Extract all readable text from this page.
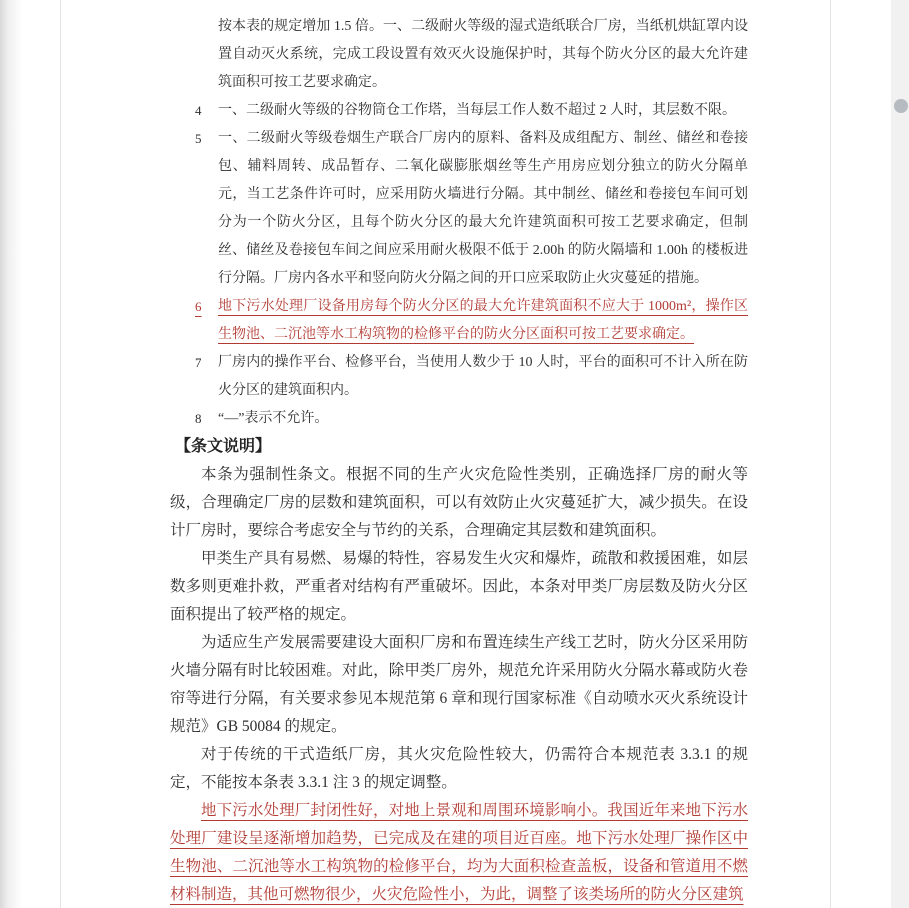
按本表的规定增加 1.5 倍。一、二级耐火等级的湿式造纸联合厂房，当纸机烘缸罩内设置自动灭火系统，完成工段设置有效灭火设施保护时，其每个防火分区的最大允许建筑面积可按工艺要求确定。
4	一、二级耐火等级的谷物筒仓工作塔，当每层工作人数不超过 2 人时，其层数不限。
5	一、二级耐火等级卷烟生产联合厂房内的原料、备料及成组配方、制丝、储丝和卷接包、辅料周转、成品暂存、二氧化碳膨胀烟丝等生产用房应划分独立的防火分隔单元，当工艺条件许可时，应采用防火墙进行分隔。其中制丝、储丝和卷接包车间可划分为一个防火分区，且每个防火分区的最大允许建筑面积可按工艺要求确定，但制丝、储丝及卷接包车间之间应采用耐火极限不低于 2.00h 的防火隔墙和 1.00h 的楼板进行分隔。厂房内各水平和竖向防火分隔之间的开口应采取防止火灾蔓延的措施。
6	地下污水处理厂设备用房每个防火分区的最大允许建筑面积不应大于 1000m²，操作区生物池、二沉池等水工构筑物的检修平台的防火分区面积可按工艺要求确定。
7	厂房内的操作平台、检修平台，当使用人数少于 10 人时，平台的面积可不计入所在防火分区的建筑面积内。
8	“—”表示不允许。
【条文说明】
本条为强制性条文。根据不同的生产火灾危险性类别，正确选择厂房的耐火等级，合理确定厂房的层数和建筑面积，可以有效防止火灾蔓延扩大，减少损失。在设计厂房时，要综合考虑安全与节约的关系，合理确定其层数和建筑面积。
甲类生产具有易燃、易爆的特性，容易发生火灾和爆炸，疏散和救援困难，如层数多则更难扑救，严重者对结构有严重破坏。因此，本条对甲类厂房层数及防火分区面积提出了较严格的规定。
为适应生产发展需要建设大面积厂房和布置连续生产线工艺时，防火分区采用防火墙分隔有时比较困难。对此，除甲类厂房外，规范允许采用防火分隔水幕或防火卷帘等进行分隔，有关要求参见本规范第 6 章和现行国家标准《自动喷水灭火系统设计规范》GB 50084 的规定。
对于传统的干式造纸厂房，其火灾危险性较大，仍需符合本规范表 3.3.1 的规定，不能按本条表 3.3.1 注 3 的规定调整。
地下污水处理厂封闭性好，对地上景观和周围环境影响小。我国近年来地下污水处理厂建设呈逐渐增加趋势，已完成及在建的项目近百座。地下污水处理厂操作区中生物池、二沉池等水工构筑物的检修平台，均为大面积检查盖板，设备和管道用不燃材料制造，其他可燃物很少，火灾危险性小，为此，调整了该类场所的防火分区建筑
